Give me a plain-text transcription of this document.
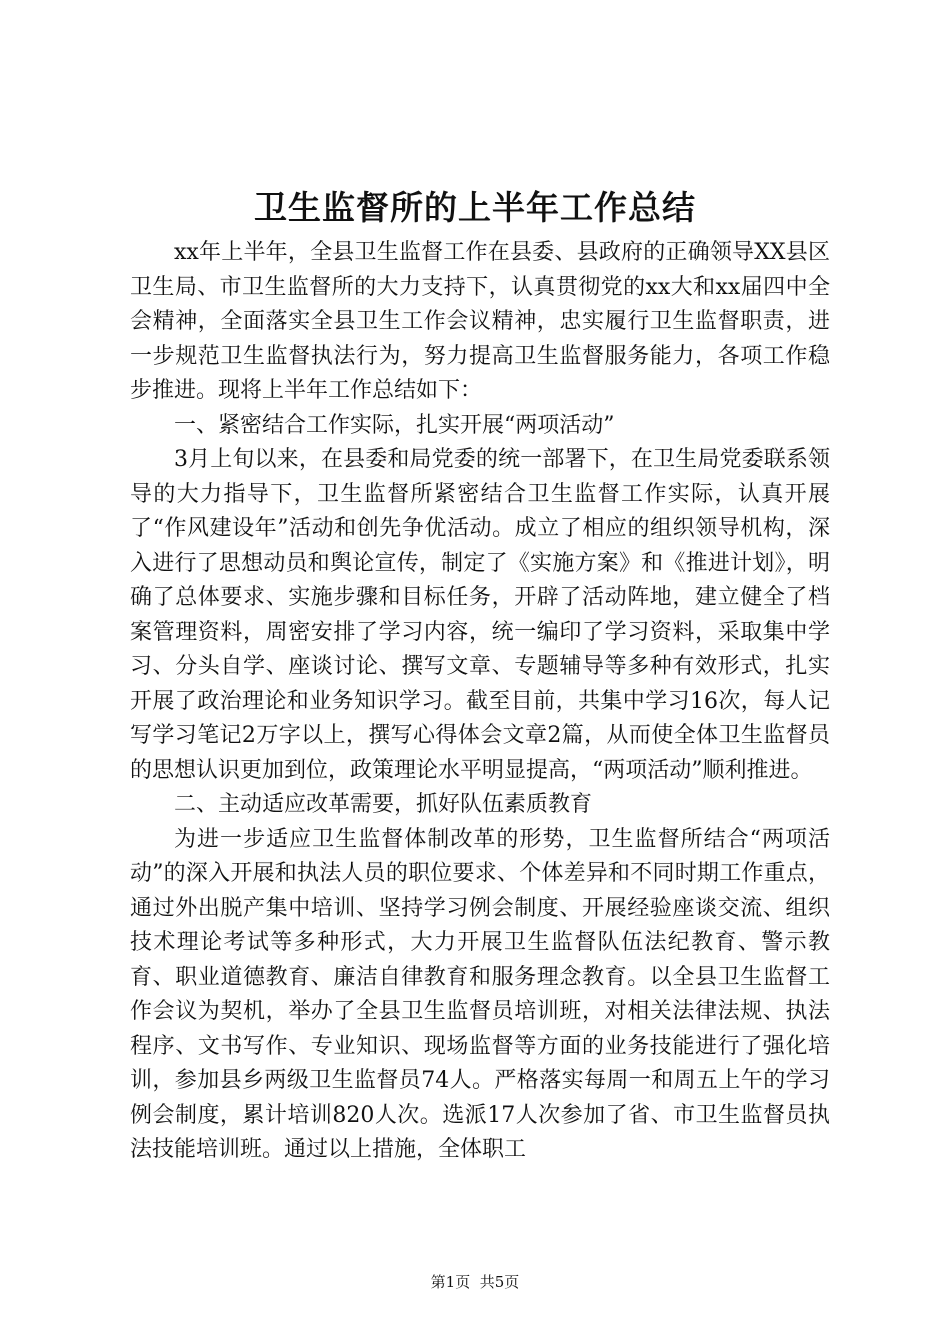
卫生监督所的上半年工作总结

xx年上半年，全县卫生监督工作在县委、县政府的正确领导XX县区卫生局、市卫生监督所的大力支持下，认真贯彻党的xx大和xx届四中全会精神，全面落实全县卫生工作会议精神，忠实履行卫生监督职责，进一步规范卫生监督执法行为，努力提高卫生监督服务能力，各项工作稳步推进。现将上半年工作总结如下：

一、紧密结合工作实际，扎实开展“两项活动”

3月上旬以来，在县委和局党委的统一部署下，在卫生局党委联系领导的大力指导下，卫生监督所紧密结合卫生监督工作实际，认真开展了“作风建设年”活动和创先争优活动。成立了相应的组织领导机构，深入进行了思想动员和舆论宣传，制定了《实施方案》和《推进计划》，明确了总体要求、实施步骤和目标任务，开辟了活动阵地，建立健全了档案管理资料，周密安排了学习内容，统一编印了学习资料，采取集中学习、分头自学、座谈讨论、撰写文章、专题辅导等多种有效形式，扎实开展了政治理论和业务知识学习。截至目前，共集中学习16次，每人记写学习笔记2万字以上，撰写心得体会文章2篇，从而使全体卫生监督员的思想认识更加到位，政策理论水平明显提高，“两项活动”顺利推进。

二、主动适应改革需要，抓好队伍素质教育

为进一步适应卫生监督体制改革的形势，卫生监督所结合“两项活动”的深入开展和执法人员的职位要求、个体差异和不同时期工作重点，通过外出脱产集中培训、坚持学习例会制度、开展经验座谈交流、组织技术理论考试等多种形式，大力开展卫生监督队伍法纪教育、警示教育、职业道德教育、廉洁自律教育和服务理念教育。以全县卫生监督工作会议为契机，举办了全县卫生监督员培训班，对相关法律法规、执法程序、文书写作、专业知识、现场监督等方面的业务技能进行了强化培训，参加县乡两级卫生监督员74人。严格落实每周一和周五上午的学习例会制度，累计培训820人次。选派17人次参加了省、市卫生监督员执法技能培训班。通过以上措施，全体职工

第1页 共5页
